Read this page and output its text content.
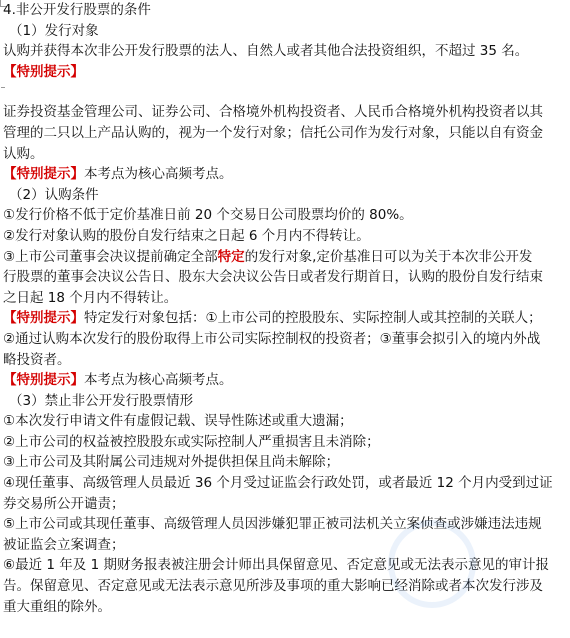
4.非公开发行股票的条件

（1）发行对象

认购并获得本次非公开发行股票的法人、自然人或者其他合法投资组织，不超过 35 名。

【特别提示】

证券投资基金管理公司、证券公司、合格境外机构投资者、人民币合格境外机构投资者以其

管理的二只以上产品认购的，视为一个发行对象；信托公司作为发行对象，只能以自有资金

认购。

【特别提示】本考点为核心高频考点。

（2）认购条件

①发行价格不低于定价基准日前 20 个交易日公司股票均价的 80%。

②发行对象认购的股份自发行结束之日起 6 个月内不得转让。

③上市公司董事会决议提前确定全部特定的发行对象,定价基准日可以为关于本次非公开发

行股票的董事会决议公告日、股东大会决议公告日或者发行期首日，认购的股份自发行结束

之日起 18 个月内不得转让。

【特别提示】特定发行对象包括：①上市公司的控股股东、实际控制人或其控制的关联人；

②通过认购本次发行的股份取得上市公司实际控制权的投资者；③董事会拟引入的境内外战

略投资者。

【特别提示】本考点为核心高频考点。

（3）禁止非公开发行股票情形

①本次发行申请文件有虚假记载、误导性陈述或重大遗漏；

②上市公司的权益被控股股东或实际控制人严重损害且未消除；

③上市公司及其附属公司违规对外提供担保且尚未解除；

④现任董事、高级管理人员最近 36 个月受过证监会行政处罚，或者最近 12 个月内受到过证

券交易所公开谴责；

⑤上市公司或其现任董事、高级管理人员因涉嫌犯罪正被司法机关立案侦查或涉嫌违法违规

被证监会立案调查；

⑥最近 1 年及 1 期财务报表被注册会计师出具保留意见、否定意见或无法表示意见的审计报

告。保留意见、否定意见或无法表示意见所涉及事项的重大影响已经消除或者本次发行涉及

重大重组的除外。
